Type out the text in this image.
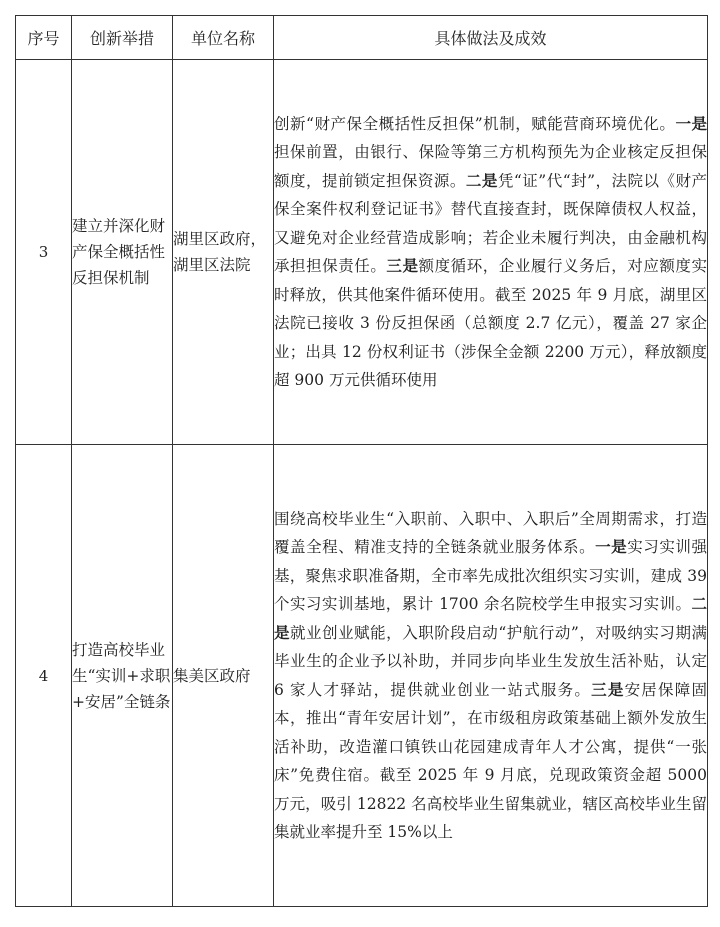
序号	创新举措	单位名称	具体做法及成效
3	建立并深化财产保全概括性反担保机制	湖里区政府，湖里区法院	创新“财产保全概括性反担保”机制，赋能营商环境优化。一是担保前置，由银行、保险等第三方机构预先为企业核定反担保额度，提前锁定担保资源。二是凭“证”代“封”，法院以《财产保全案件权利登记证书》替代直接查封，既保障债权人权益，又避免对企业经营造成影响；若企业未履行判决，由金融机构承担担保责任。三是额度循环，企业履行义务后，对应额度实时释放，供其他案件循环使用。截至 2025 年 9 月底，湖里区法院已接收 3 份反担保函（总额度 2.7 亿元），覆盖 27 家企业；出具 12 份权利证书（涉保全金额 2200 万元），释放额度超 900 万元供循环使用
4	打造高校毕业生“实训+求职+安居”全链条	集美区政府	围绕高校毕业生“入职前、入职中、入职后”全周期需求，打造覆盖全程、精准支持的全链条就业服务体系。一是实习实训强基，聚焦求职准备期，全市率先成批次组织实习实训，建成 39 个实习实训基地，累计 1700 余名院校学生申报实习实训。二是就业创业赋能，入职阶段启动“护航行动”，对吸纳实习期满毕业生的企业予以补助，并同步向毕业生发放生活补贴，认定 6 家人才驿站，提供就业创业一站式服务。三是安居保障固本，推出“青年安居计划”，在市级租房政策基础上额外发放生活补助，改造灌口镇铁山花园建成青年人才公寓，提供“一张床”免费住宿。截至 2025 年 9 月底，兑现政策资金超 5000 万元，吸引 12822 名高校毕业生留集就业，辖区高校毕业生留集就业率提升至 15%以上
